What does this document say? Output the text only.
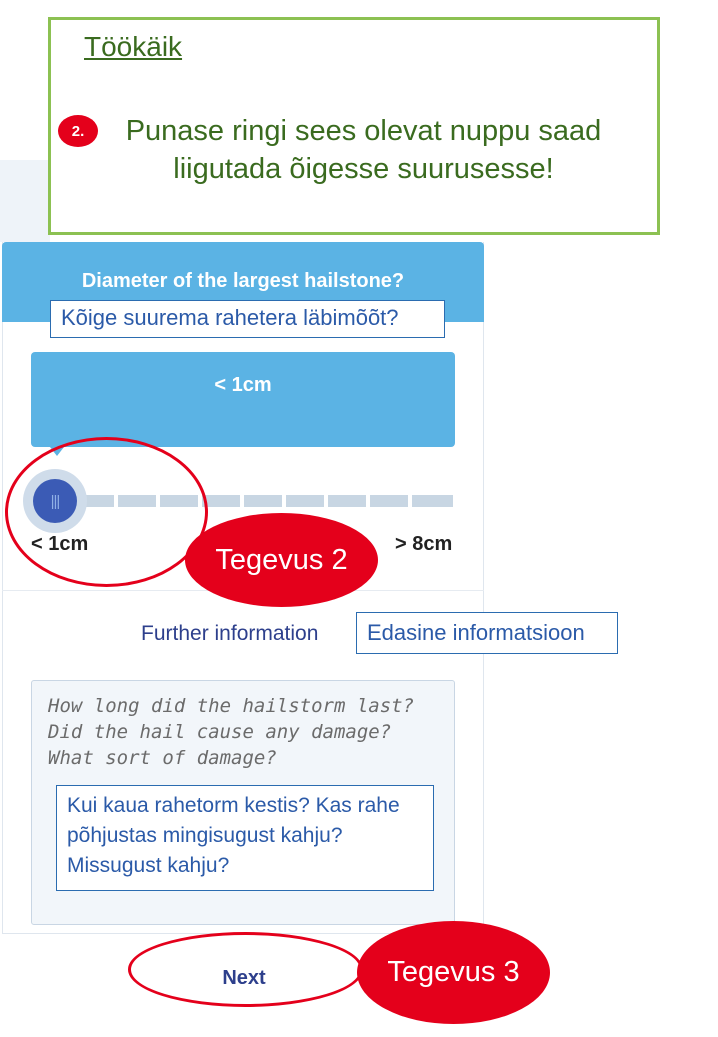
Töökäik
2.	Punase ringi sees olevat nuppu saad liigutada õigesse suurusesse!
Diameter of the largest hailstone?
Kõige suurema rahetera läbimõõt?
< 1cm
|||
< 1cm	> 8cm
Further information	Edasine informatsioon
How long did the hailstorm last? Did the hail cause any damage? What sort of damage?
Kui kaua rahetorm kestis? Kas rahe põhjustas mingisugust kahju? Missugust kahju?
Next
Tegevus 2
Tegevus 3
